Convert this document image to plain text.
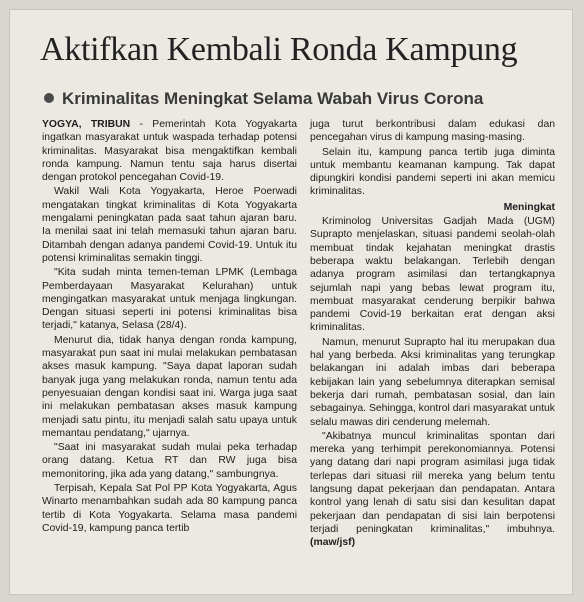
Aktifkan Kembali Ronda Kampung
Kriminalitas Meningkat Selama Wabah Virus Corona

YOGYA, TRIBUN - Pemerintah Kota Yogyakarta ingatkan masyarakat untuk waspada terhadap potensi kriminalitas. Masyarakat bisa mengaktifkan kembali ronda kampung. Namun tentu saja harus disertai dengan protokol pencegahan Covid-19.

Wakil Wali Kota Yogyakarta, Heroe Poerwadi mengatakan tingkat kriminalitas di Kota Yogyakarta mengalami peningkatan pada saat tahun ajaran baru. Ia menilai saat ini telah memasuki tahun ajaran baru. Ditambah dengan adanya pandemi Covid-19. Untuk itu potensi kriminalitas semakin tinggi.

"Kita sudah minta temen-teman LPMK (Lembaga Pemberdayaan Masyarakat Kelurahan) untuk mengingatkan masyarakat untuk menjaga lingkungan. Dengan situasi seperti ini potensi kriminalitas bisa terjadi," katanya, Selasa (28/4).

Menurut dia, tidak hanya dengan ronda kampung, masyarakat pun saat ini mulai melakukan pembatasan akses masuk kampung. "Saya dapat laporan sudah banyak juga yang melakukan ronda, namun tentu ada penyesuaian dengan kondisi saat ini. Warga juga saat ini melakukan pembatasan akses masuk kampung menjadi satu pintu, itu menjadi salah satu upaya untuk memantau pendatang," ujarnya.

"Saat ini masyarakat sudah mulai peka terhadap orang datang. Ketua RT dan RW juga bisa memonitoring, jika ada yang datang," sambungnya.

Terpisah, Kepala Sat Pol PP Kota Yogyakarta, Agus Winarto menambahkan sudah ada 80 kampung panca tertib di Kota Yogyakarta. Selama masa pandemi Covid-19, kampung panca tertib

juga turut berkontribusi dalam edukasi dan pencegahan virus di kampung masing-masing.

Selain itu, kampung panca tertib juga diminta untuk membantu keamanan kampung. Tak dapat dipungkiri kondisi pandemi seperti ini akan memicu kriminalitas.

Meningkat

Kriminolog Universitas Gadjah Mada (UGM) Suprapto menjelaskan, situasi pandemi seolah-olah membuat tindak kejahatan meningkat drastis beberapa waktu belakangan. Terlebih dengan adanya program asimilasi dan tertangkapnya sejumlah napi yang bebas lewat program itu, membuat masyarakat cenderung berpikir bahwa pandemi Covid-19 berkaitan erat dengan aksi kriminalitas.

Namun, menurut Suprapto hal itu merupakan dua hal yang berbeda. Aksi kriminalitas yang terungkap belakangan ini adalah imbas dari beberapa kebijakan lain yang sebelumnya diterapkan semisal bekerja dari rumah, pembatasan sosial, dan lain sebagainya. Sehingga, kontrol dari masyarakat untuk selalu mawas diri cenderung melemah.

"Akibatnya muncul kriminalitas spontan dari mereka yang terhimpit perekonomiannya. Potensi yang datang dari napi program asimilasi juga tidak terlepas dari situasi riil mereka yang belum tentu langsung dapat pekerjaan dan pendapatan. Antara kontrol yang lenah di satu sisi dan kesulitan dapat pekerjaan dan pendapatan di sisi lain berpotensi terjadi peningkatan kriminalitas," imbuhnya. (maw/jsf)
